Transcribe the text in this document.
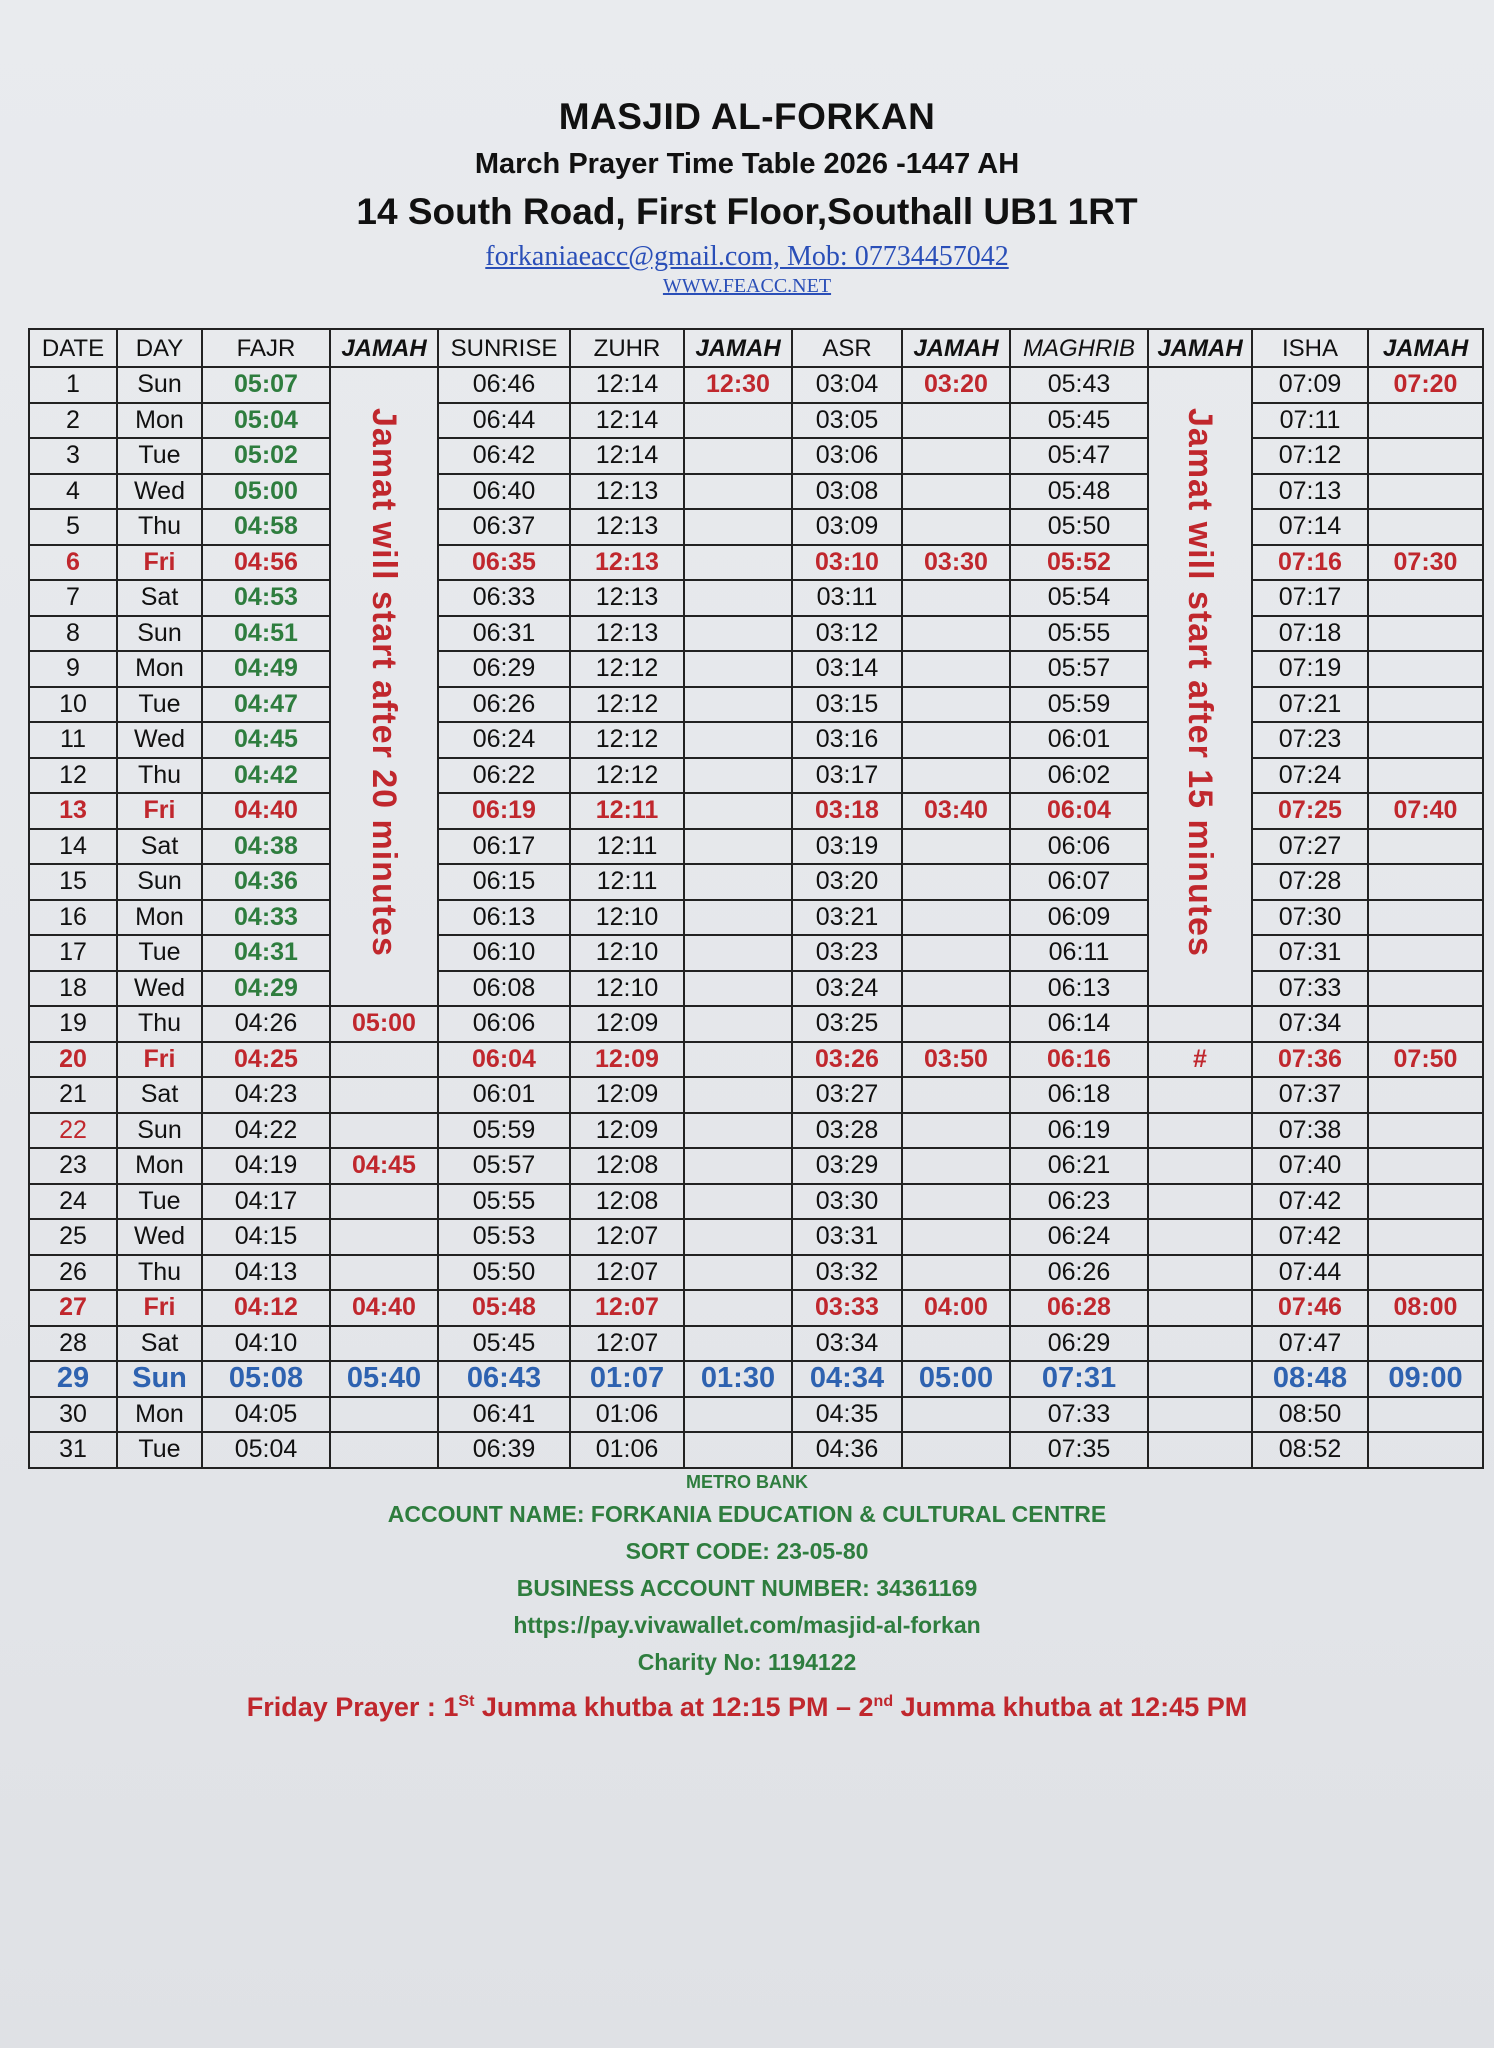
MASJID AL-FORKAN
March Prayer Time Table 2026 -1447 AH
14 South Road, First Floor,Southall UB1 1RT
forkaniaeacc@gmail.com, Mob: 07734457042
WWW.FEACC.NET
DATE	DAY	FAJR	JAMAH	SUNRISE	ZUHR	JAMAH	ASR	JAMAH	MAGHRIB	JAMAH	ISHA	JAMAH
1	Sun	05:07	Jamat will start after 20 minutes	06:46	12:14	12:30	03:04	03:20	05:43	Jamat will start after 15 minutes	07:09	07:20
2	Mon	05:04		06:44	12:14		03:05		05:45		07:11	
3	Tue	05:02		06:42	12:14		03:06		05:47		07:12	
4	Wed	05:00		06:40	12:13		03:08		05:48		07:13	
5	Thu	04:58		06:37	12:13		03:09		05:50		07:14	
6	Fri	04:56		06:35	12:13		03:10	03:30	05:52		07:16	07:30
7	Sat	04:53		06:33	12:13		03:11		05:54		07:17	
8	Sun	04:51		06:31	12:13		03:12		05:55		07:18	
9	Mon	04:49		06:29	12:12		03:14		05:57		07:19	
10	Tue	04:47		06:26	12:12		03:15		05:59		07:21	
11	Wed	04:45		06:24	12:12		03:16		06:01		07:23	
12	Thu	04:42		06:22	12:12		03:17		06:02		07:24	
13	Fri	04:40		06:19	12:11		03:18	03:40	06:04		07:25	07:40
14	Sat	04:38		06:17	12:11		03:19		06:06		07:27	
15	Sun	04:36		06:15	12:11		03:20		06:07		07:28	
16	Mon	04:33		06:13	12:10		03:21		06:09		07:30	
17	Tue	04:31		06:10	12:10		03:23		06:11		07:31	
18	Wed	04:29		06:08	12:10		03:24		06:13		07:33	
19	Thu	04:26	05:00	06:06	12:09		03:25		06:14		07:34	
20	Fri	04:25		06:04	12:09		03:26	03:50	06:16	#	07:36	07:50
21	Sat	04:23		06:01	12:09		03:27		06:18		07:37	
22	Sun	04:22		05:59	12:09		03:28		06:19		07:38	
23	Mon	04:19	04:45	05:57	12:08		03:29		06:21		07:40	
24	Tue	04:17		05:55	12:08		03:30		06:23		07:42	
25	Wed	04:15		05:53	12:07		03:31		06:24		07:42	
26	Thu	04:13		05:50	12:07		03:32		06:26		07:44	
27	Fri	04:12	04:40	05:48	12:07		03:33	04:00	06:28		07:46	08:00
28	Sat	04:10		05:45	12:07		03:34		06:29		07:47	
29	Sun	05:08	05:40	06:43	01:07	01:30	04:34	05:00	07:31		08:48	09:00
30	Mon	04:05		06:41	01:06		04:35		07:33		08:50	
31	Tue	05:04		06:39	01:06		04:36		07:35		08:52	
METRO BANK
ACCOUNT NAME: FORKANIA EDUCATION & CULTURAL CENTRE
SORT CODE: 23-05-80
BUSINESS ACCOUNT NUMBER: 34361169
https://pay.vivawallet.com/masjid-al-forkan
Charity No: 1194122
Friday Prayer : 1St Jumma khutba at 12:15 PM – 2nd Jumma khutba at 12:45 PM
